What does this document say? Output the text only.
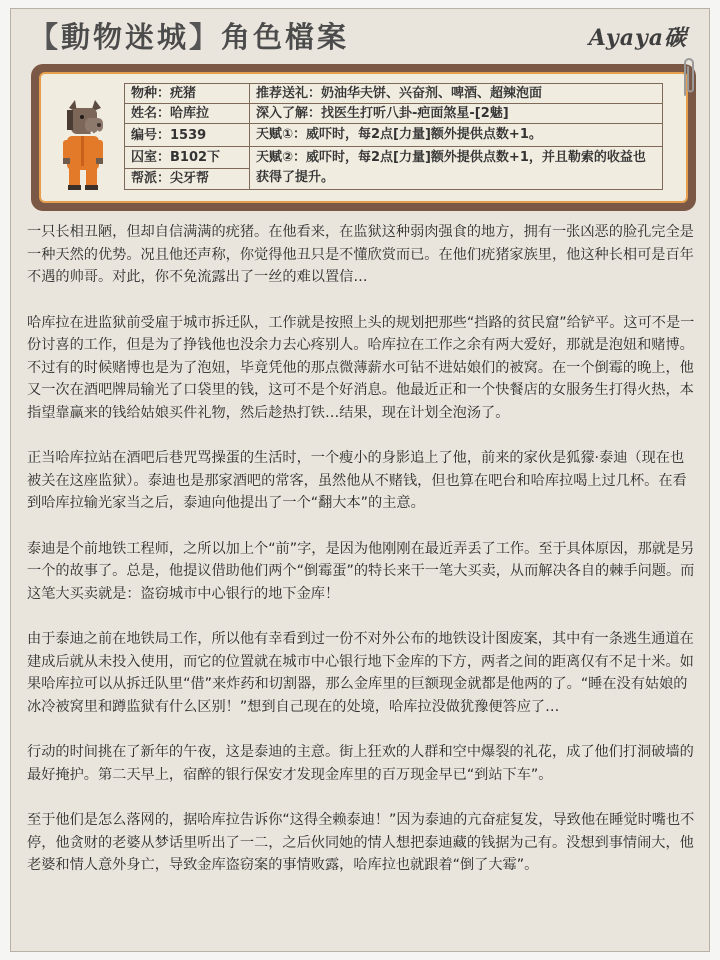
【動物迷城】角色檔案	Ayaya碳
物种：疣猪	推荐送礼：奶油华夫饼、兴奋剂、啤酒、超辣泡面
姓名：哈库拉	深入了解：找医生打听八卦-疤面煞星-[2魅]
编号：1539	天赋①：威吓时，每2点[力量]额外提供点数+1。
囚室：B102下	天赋②：威吓时，每2点[力量]额外提供点数+1，并且勒索的收益也获得了提升。
帮派：尖牙帮	

一只长相丑陋，但却自信满满的疣猪。在他看来，在监狱这种弱肉强食的地方，拥有一张凶恶的脸孔完全是一种天然的优势。况且他还声称，你觉得他丑只是不懂欣赏而已。在他们疣猪家族里，他这种长相可是百年不遇的帅哥。对此，你不免流露出了一丝的难以置信…

哈库拉在进监狱前受雇于城市拆迁队，工作就是按照上头的规划把那些“挡路的贫民窟”给铲平。这可不是一份讨喜的工作，但是为了挣钱他也没余力去心疼别人。哈库拉在工作之余有两大爱好，那就是泡妞和赌博。不过有的时候赌博也是为了泡妞，毕竟凭他的那点微薄薪水可钻不进姑娘们的被窝。在一个倒霉的晚上，他又一次在酒吧牌局输光了口袋里的钱，这可不是个好消息。他最近正和一个快餐店的女服务生打得火热，本指望靠赢来的钱给姑娘买件礼物，然后趁热打铁…结果，现在计划全泡汤了。

正当哈库拉站在酒吧后巷咒骂操蛋的生活时，一个瘦小的身影追上了他，前来的家伙是狐獴·泰迪（现在也被关在这座监狱）。泰迪也是那家酒吧的常客，虽然他从不赌钱，但也算在吧台和哈库拉喝上过几杯。在看到哈库拉输光家当之后，泰迪向他提出了一个“翻大本”的主意。

泰迪是个前地铁工程师，之所以加上个“前”字，是因为他刚刚在最近弄丢了工作。至于具体原因，那就是另一个的故事了。总是，他提议借助他们两个“倒霉蛋”的特长来干一笔大买卖，从而解决各自的棘手问题。而这笔大买卖就是：盗窃城市中心银行的地下金库！

由于泰迪之前在地铁局工作，所以他有幸看到过一份不对外公布的地铁设计图废案，其中有一条逃生通道在建成后就从未投入使用，而它的位置就在城市中心银行地下金库的下方，两者之间的距离仅有不足十米。如果哈库拉可以从拆迁队里“借”来炸药和切割器，那么金库里的巨额现金就都是他两的了。“睡在没有姑娘的冰冷被窝里和蹲监狱有什么区别！”想到自己现在的处境，哈库拉没做犹豫便答应了…

行动的时间挑在了新年的午夜，这是泰迪的主意。街上狂欢的人群和空中爆裂的礼花，成了他们打洞破墙的最好掩护。第二天早上，宿醉的银行保安才发现金库里的百万现金早已“到站下车”。

至于他们是怎么落网的，据哈库拉告诉你“这得全赖泰迪！”因为泰迪的亢奋症复发，导致他在睡觉时嘴也不停，他贪财的老婆从梦话里听出了一二，之后伙同她的情人想把泰迪藏的钱据为己有。没想到事情闹大，他老婆和情人意外身亡，导致金库盗窃案的事情败露，哈库拉也就跟着“倒了大霉”。
